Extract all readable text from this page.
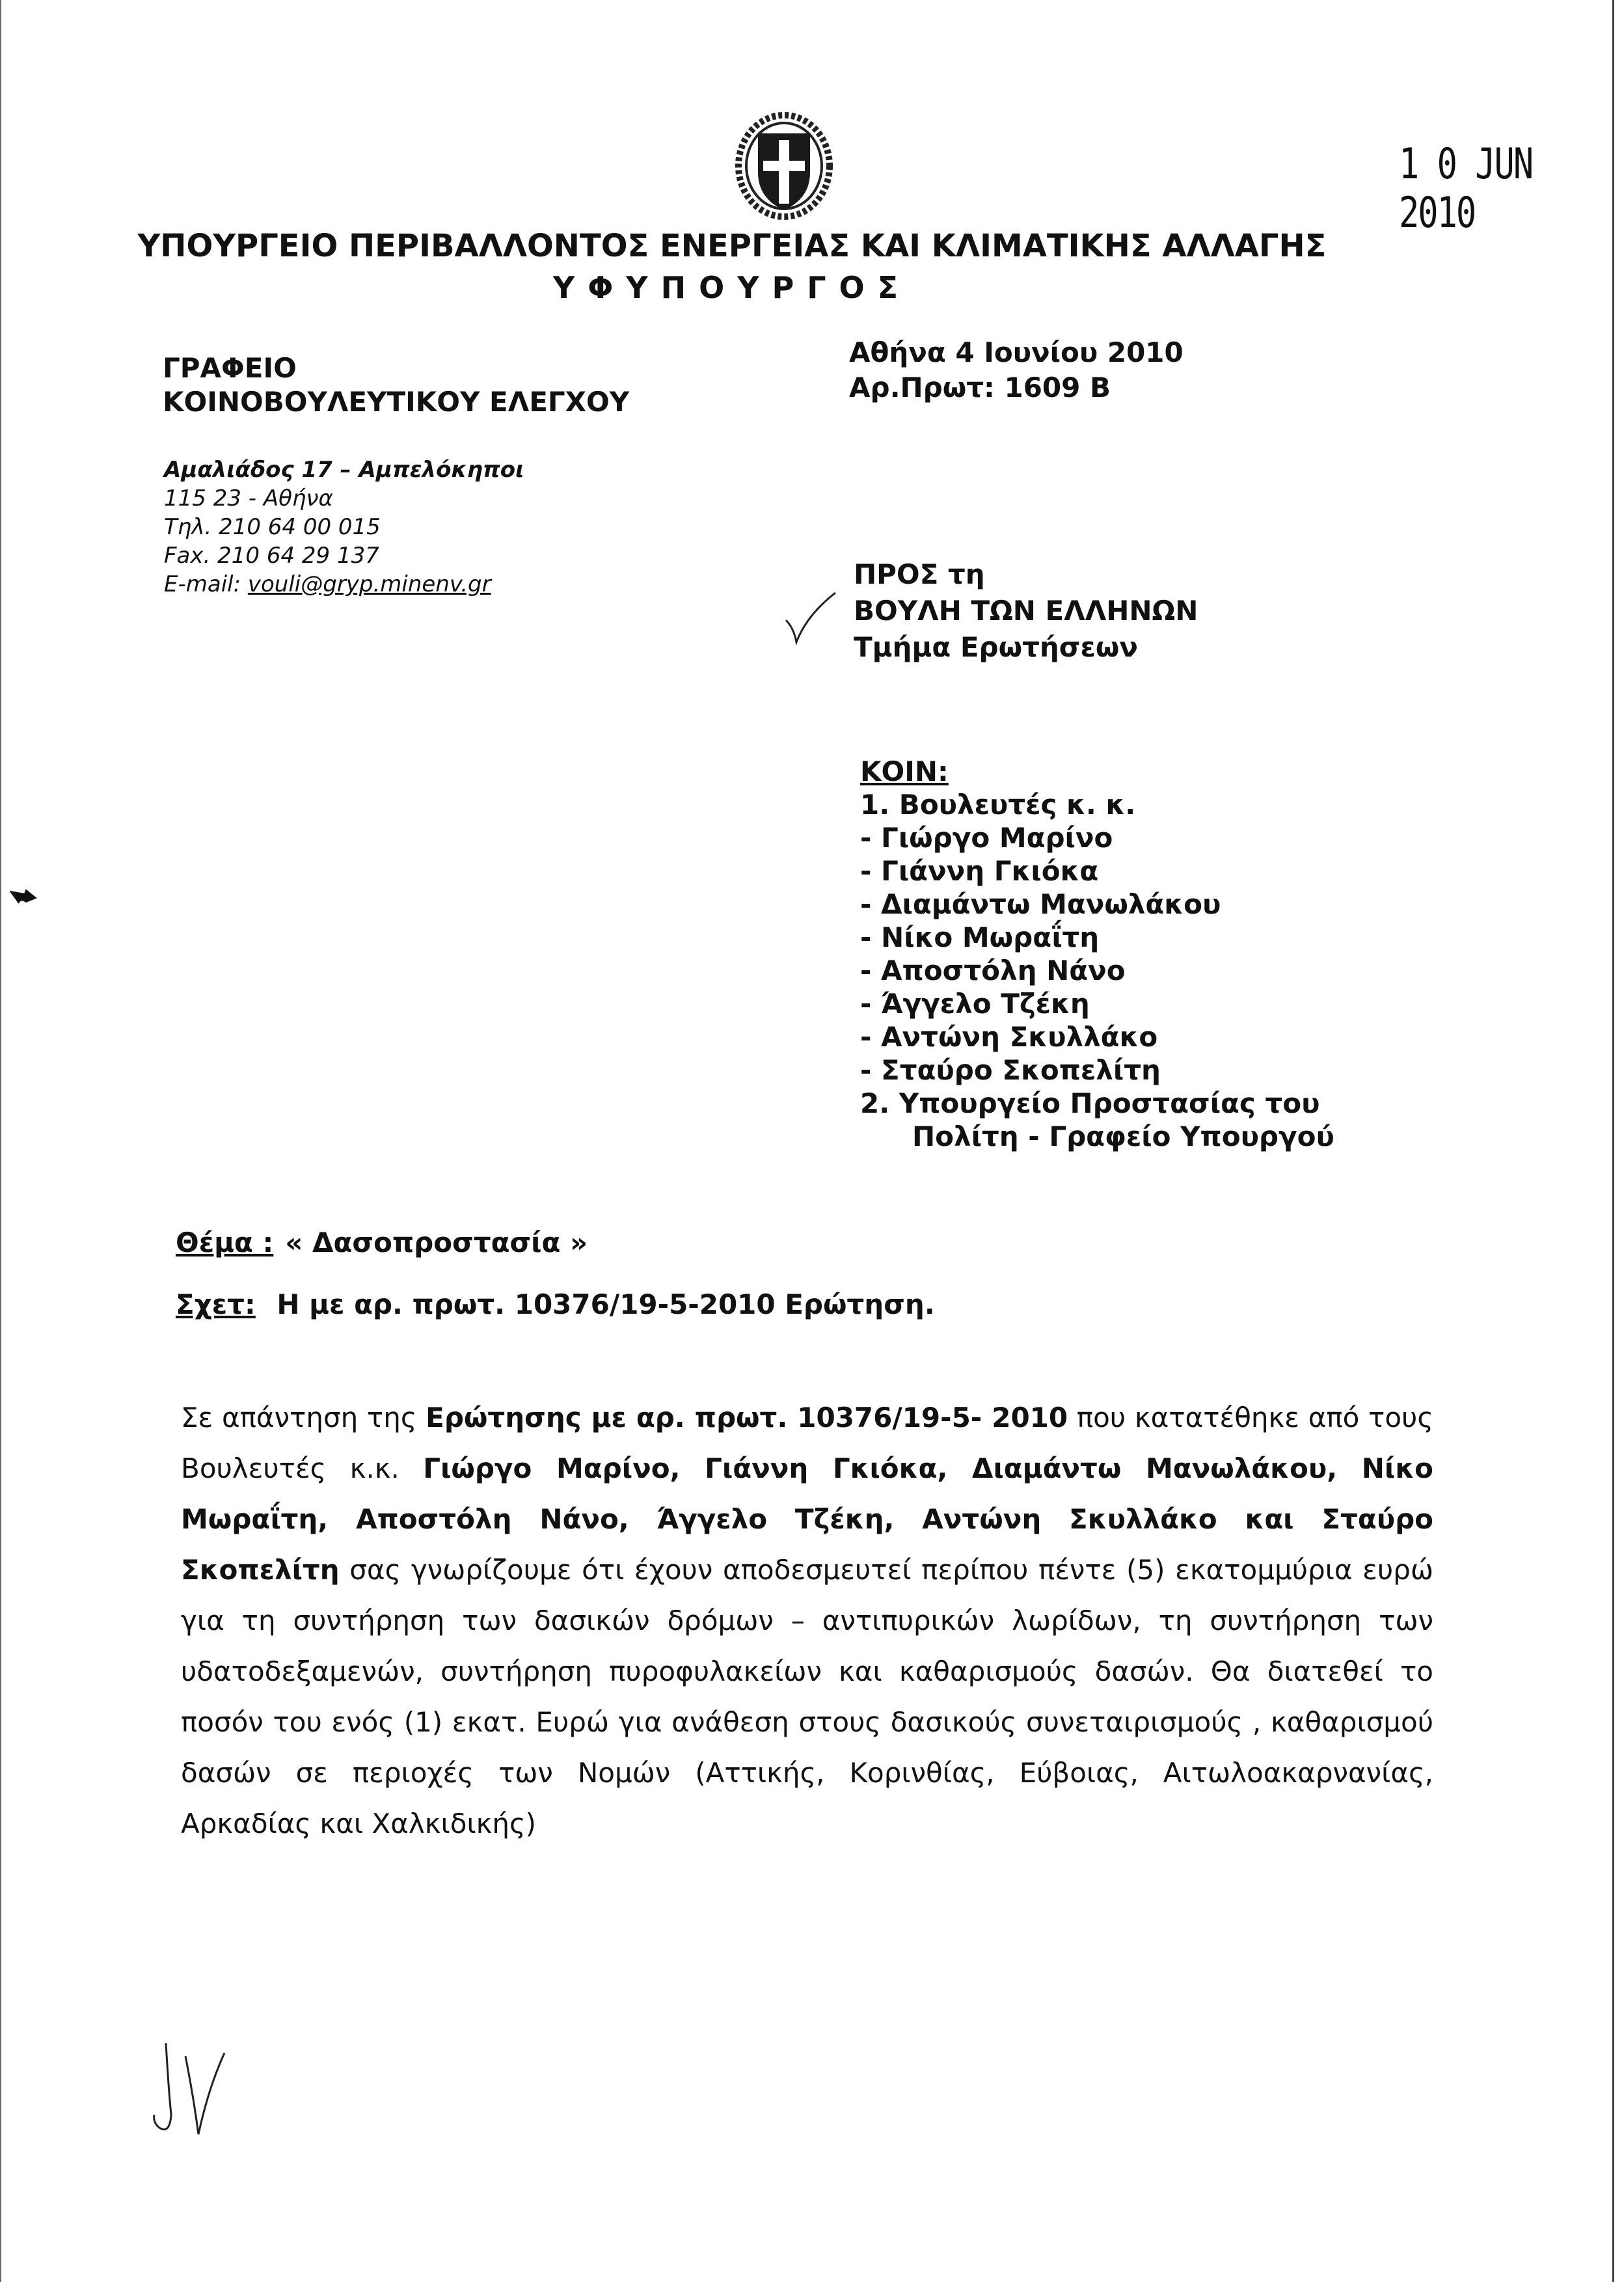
1 0 JUN 2010
ΥΠΟΥΡΓΕΙΟ ΠΕΡΙΒΑΛΛΟΝΤΟΣ ΕΝΕΡΓΕΙΑΣ ΚΑΙ ΚΛΙΜΑΤΙΚΗΣ ΑΛΛΑΓΗΣ
ΥΦΥΠΟΥΡΓΟΣ
ΓΡΑΦΕΙΟ
ΚΟΙΝΟΒΟΥΛΕΥΤΙΚΟΥ ΕΛΕΓΧΟΥ
Αθήνα 4 Ιουνίου 2010
Αρ.Πρωτ: 1609 Β
Αμαλιάδος 17 – Αμπελόκηποι
115 23 - Αθήνα
Τηλ. 210 64 00 015
Fax. 210 64 29 137
E-mail: vouli@gryp.minenv.gr	ΠΡΟΣ τη
ΒΟΥΛΗ ΤΩΝ ΕΛΛΗΝΩΝ
Τμήμα Ερωτήσεων
ΚΟΙΝ:
1. Βουλευτές κ. κ.
- Γιώργο Μαρίνο
- Γιάννη Γκιόκα
- Διαμάντω Μανωλάκου
- Νίκο Μωραΐτη
- Αποστόλη Νάνο
- Άγγελο Τζέκη
- Αντώνη Σκυλλάκο
- Σταύρο Σκοπελίτη
2. Υπουργείο Προστασίας του
Πολίτη - Γραφείο Υπουργού
Θέμα : « Δασοπροστασία »
Σχετ: Η με αρ. πρωτ. 10376/19-5-2010 Ερώτηση.
Σε απάντηση της Ερώτησης με αρ. πρωτ. 10376/19-5- 2010 που κατατέθηκε από τους Βουλευτές κ.κ. Γιώργο Μαρίνο, Γιάννη Γκιόκα, Διαμάντω Μανωλάκου, Νίκο Μωραΐτη, Αποστόλη Νάνο, Άγγελο Τζέκη, Αντώνη Σκυλλάκο και Σταύρο Σκοπελίτη σας γνωρίζουμε ότι έχουν αποδεσμευτεί περίπου πέντε (5) εκατομμύρια ευρώ για τη συντήρηση των δασικών δρόμων – αντιπυρικών λωρίδων, τη συντήρηση των υδατοδεξαμενών, συντήρηση πυροφυλακείων και καθαρισμούς δασών. Θα διατεθεί το ποσόν του ενός (1) εκατ. Ευρώ για ανάθεση στους δασικούς συνεταιρισμούς , καθαρισμού δασών σε περιοχές των Νομών (Αττικής, Κορινθίας, Εύβοιας, Αιτωλοακαρνανίας, Αρκαδίας και Χαλκιδικής)
